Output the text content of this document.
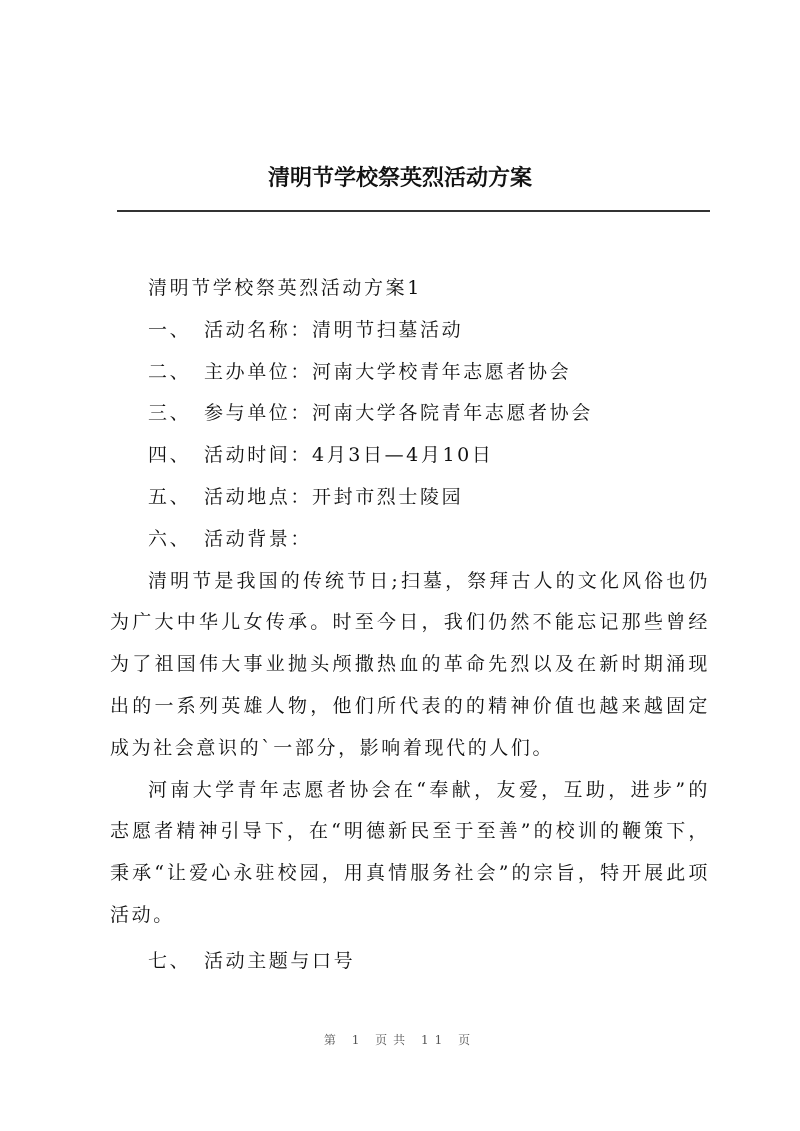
清明节学校祭英烈活动方案
清明节学校祭英烈活动方案1
一、 活动名称：清明节扫墓活动
二、 主办单位：河南大学校青年志愿者协会
三、 参与单位：河南大学各院青年志愿者协会
四、 活动时间：4月3日—4月10日
五、 活动地点：开封市烈士陵园
六、 活动背景：

清明节是我国的传统节日;扫墓，祭拜古人的文化风俗也仍为广大中华儿女传承。时至今日，我们仍然不能忘记那些曾经为了祖国伟大事业抛头颅撒热血的革命先烈以及在新时期涌现出的一系列英雄人物，他们所代表的的精神价值也越来越固定成为社会意识的`一部分，影响着现代的人们。

河南大学青年志愿者协会在“奉献，友爱，互助，进步”的志愿者精神引导下，在“明德新民至于至善”的校训的鞭策下，秉承“让爱心永驻校园，用真情服务社会”的宗旨，特开展此项活动。

七、 活动主题与口号
第 1 页共 11 页
